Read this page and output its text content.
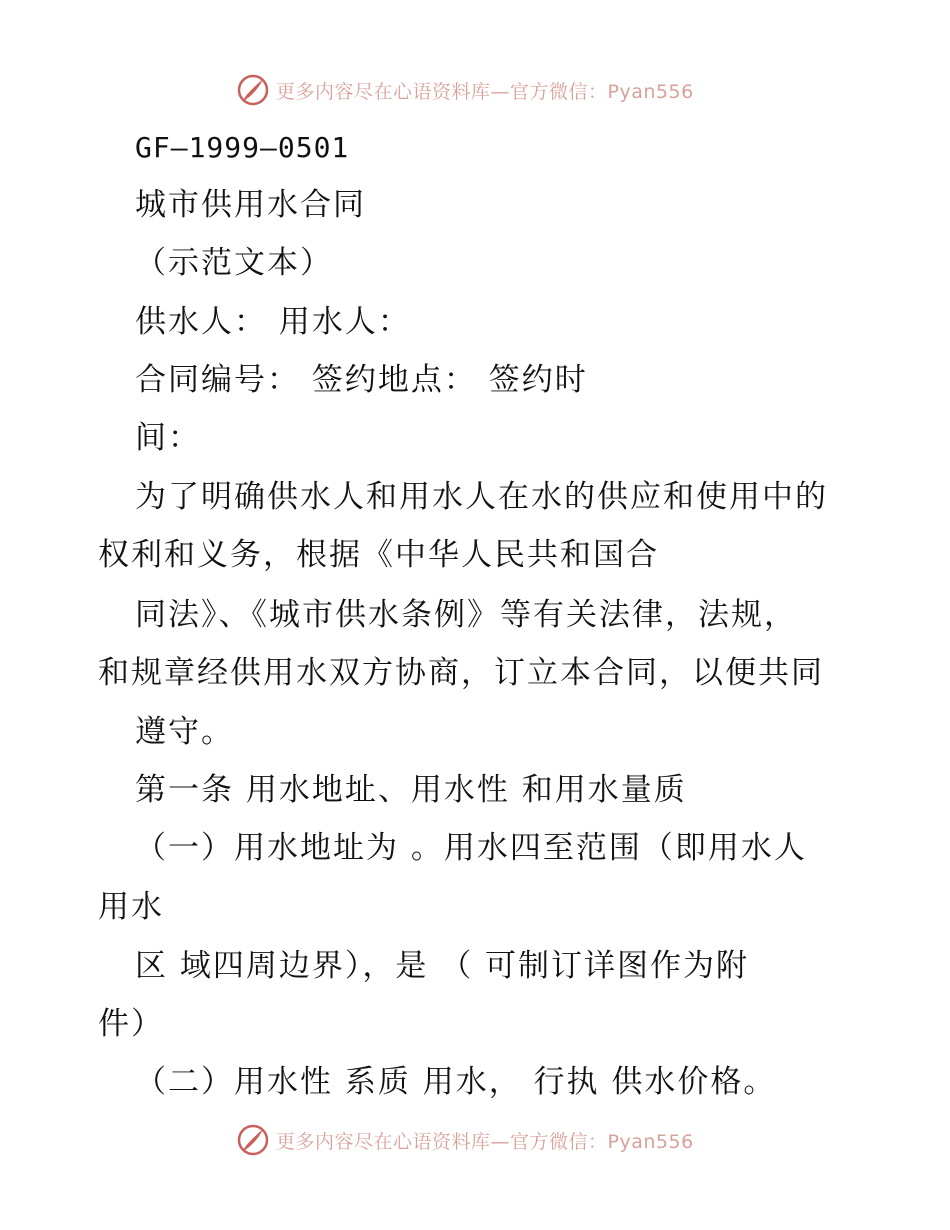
更多内容尽在心语资料库—官方微信：Pyan556
GF—1999—0501
城市供用水合同
（示范文本）
供水人： 用水人：
合同编号： 签约地点： 签约时
间：
为了明确供水人和用水人在水的供应和使用中的
权利和义务，根据《中华人民共和国合
同法》、《城市供水条例》等有关法律，法规，
和规章经供用水双方协商，订立本合同，以便共同
遵守。
第一条 用水地址、用水性 和用水量质
（一）用水地址为 。用水四至范围（即用水人
用水
区 域四周边界），是 （ 可制订详图作为附
件）
（二）用水性 系质 用水， 行执 供水价格。
更多内容尽在心语资料库—官方微信：Pyan556
